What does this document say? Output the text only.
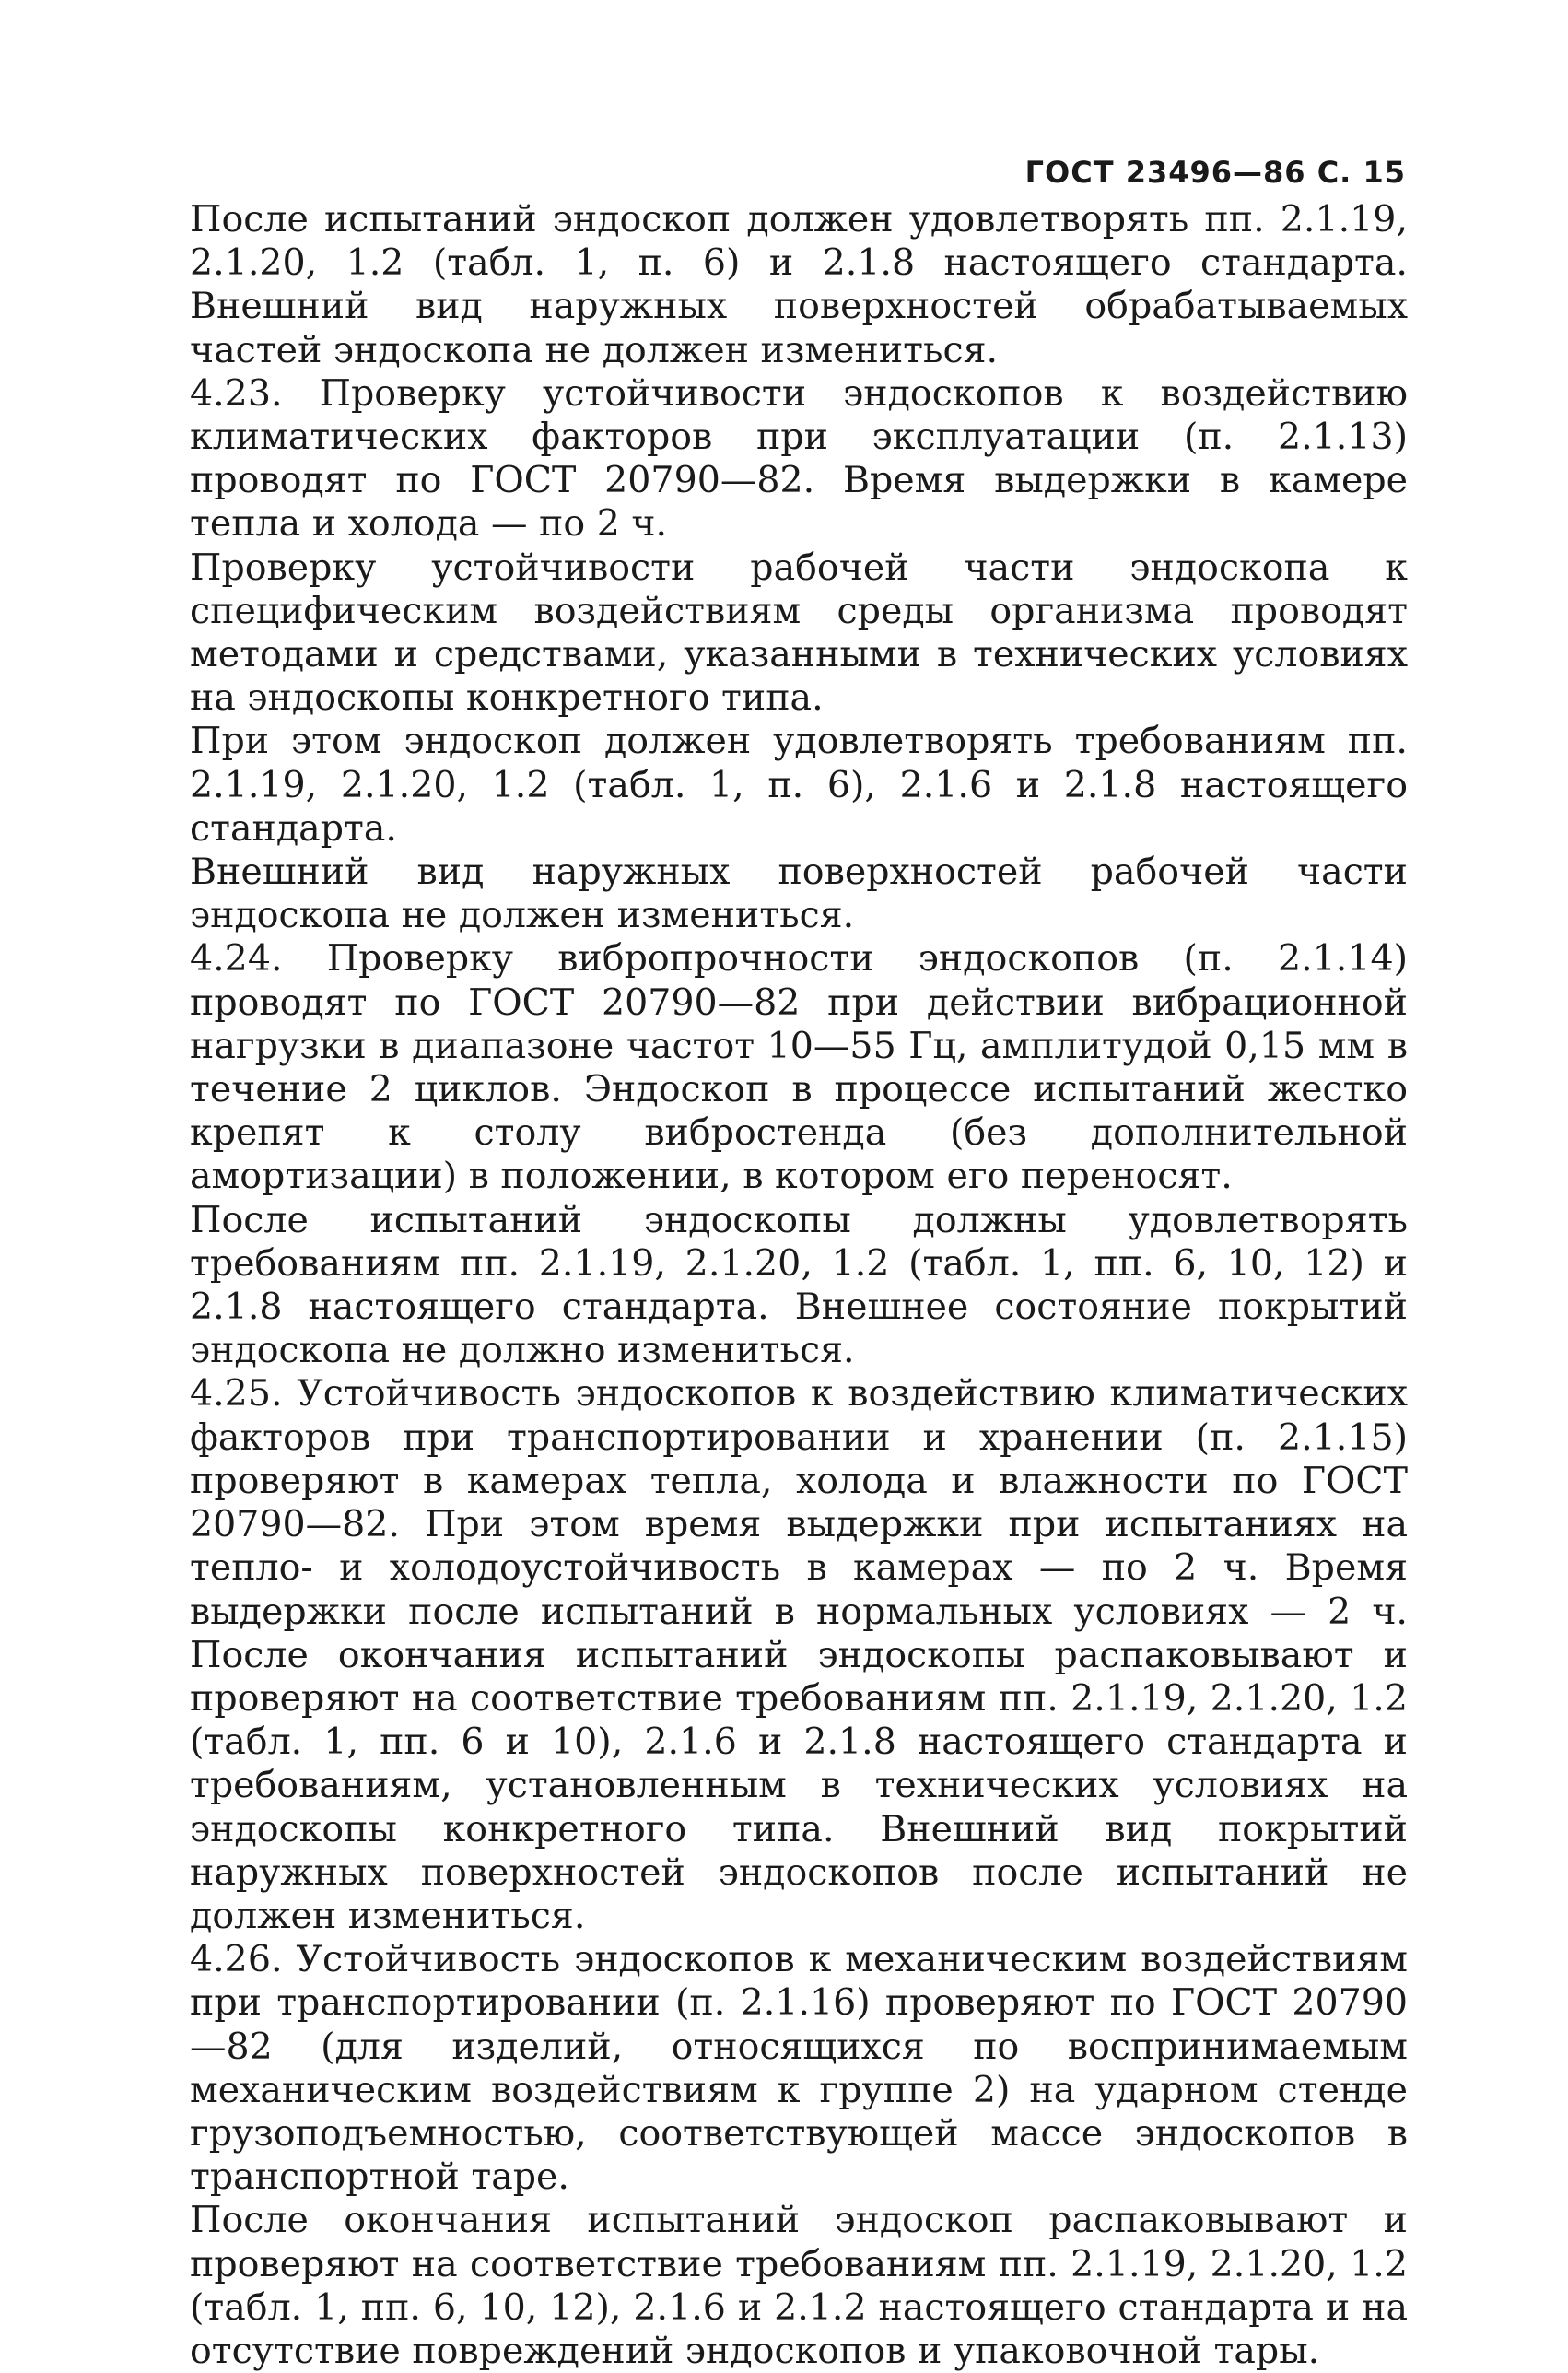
ГОСТ 23496—86 С. 15

После испытаний эндоскоп должен удовлетворять пп. 2.1.19, 2.1.20, 1.2 (табл. 1, п. 6) и 2.1.8 настоящего стандарта. Внешний вид наружных поверхностей обрабатываемых частей эндоскопа не должен измениться.

4.23. Проверку устойчивости эндоскопов к воздействию климатических факторов при эксплуатации (п. 2.1.13) проводят по ГОСТ 20790—82. Время выдержки в камере тепла и холода — по 2 ч.

Проверку устойчивости рабочей части эндоскопа к специфическим воздействиям среды организма проводят методами и средствами, указанными в технических условиях на эндоскопы конкретного типа.

При этом эндоскоп должен удовлетворять требованиям пп. 2.1.19, 2.1.20, 1.2 (табл. 1, п. 6), 2.1.6 и 2.1.8 настоящего стандарта.

Внешний вид наружных поверхностей рабочей части эндоскопа не должен измениться.

4.24. Проверку вибропрочности эндоскопов (п. 2.1.14) проводят по ГОСТ 20790—82 при действии вибрационной нагрузки в диапазоне частот 10—55 Гц, амплитудой 0,15 мм в течение 2 циклов. Эндоскоп в процессе испытаний жестко крепят к столу вибростенда (без дополнительной амортизации) в положении, в котором его переносят.

После испытаний эндоскопы должны удовлетворять требованиям пп. 2.1.19, 2.1.20, 1.2 (табл. 1, пп. 6, 10, 12) и 2.1.8 настоящего стандарта. Внешнее состояние покрытий эндоскопа не должно измениться.

4.25. Устойчивость эндоскопов к воздействию климатических факторов при транспортировании и хранении (п. 2.1.15) проверяют в камерах тепла, холода и влажности по ГОСТ 20790—82. При этом время выдержки при испытаниях на тепло- и холодоустойчивость в камерах — по 2 ч. Время выдержки после испытаний в нормальных условиях — 2 ч. После окончания испытаний эндоскопы распаковывают и проверяют на соответствие требованиям пп. 2.1.19, 2.1.20, 1.2 (табл. 1, пп. 6 и 10), 2.1.6 и 2.1.8 настоящего стандарта и требованиям, установленным в технических условиях на эндоскопы конкретного типа. Внешний вид покрытий наружных поверхностей эндоскопов после испытаний не должен измениться.

4.26. Устойчивость эндоскопов к механическим воздействиям при транспортировании (п. 2.1.16) проверяют по ГОСТ 20790—82 (для изделий, относящихся по воспринимаемым механическим воздействиям к группе 2) на ударном стенде грузоподъемностью, соответствующей массе эндоскопов в транспортной таре.

После окончания испытаний эндоскоп распаковывают и проверяют на соответствие требованиям пп. 2.1.19, 2.1.20, 1.2 (табл. 1, пп. 6, 10, 12), 2.1.6 и 2.1.2 настоящего стандарта и на отсутствие повреждений эндоскопов и упаковочной тары.
